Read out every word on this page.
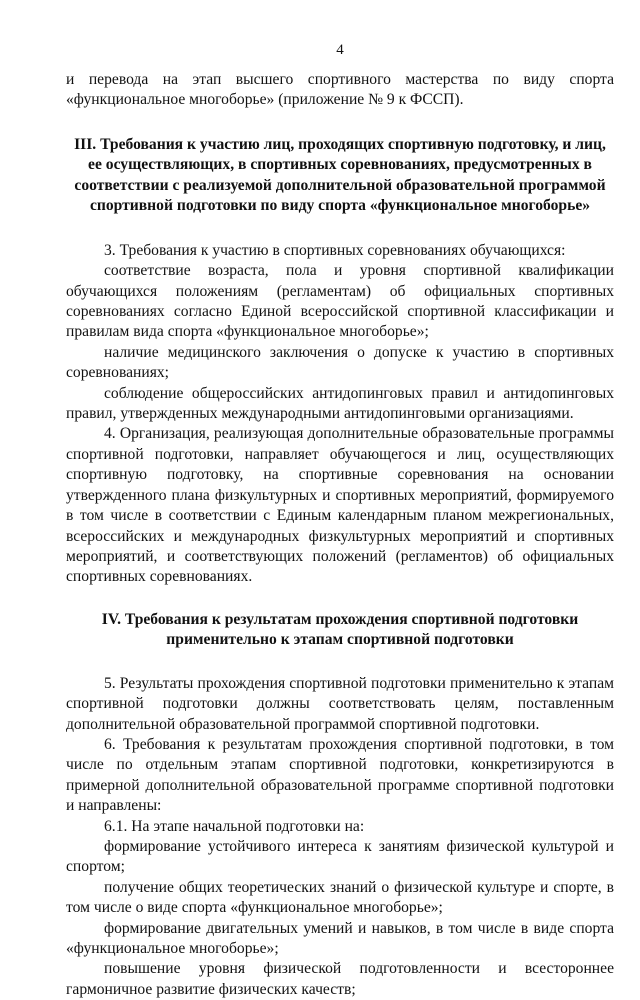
4

и перевода на этап высшего спортивного мастерства по виду спорта «функциональное многоборье» (приложение № 9 к ФССП).

III. Требования к участию лиц, проходящих спортивную подготовку, и лиц, ее осуществляющих, в спортивных соревнованиях, предусмотренных в соответствии с реализуемой дополнительной образовательной программой спортивной подготовки по виду спорта «функциональное многоборье»

3. Требования к участию в спортивных соревнованиях обучающихся:

соответствие возраста, пола и уровня спортивной квалификации обучающихся положениям (регламентам) об официальных спортивных соревнованиях согласно Единой всероссийской спортивной классификации и правилам вида спорта «функциональное многоборье»;

наличие медицинского заключения о допуске к участию в спортивных соревнованиях;

соблюдение общероссийских антидопинговых правил и антидопинговых правил, утвержденных международными антидопинговыми организациями.

4. Организация, реализующая дополнительные образовательные программы спортивной подготовки, направляет обучающегося и лиц, осуществляющих спортивную подготовку, на спортивные соревнования на основании утвержденного плана физкультурных и спортивных мероприятий, формируемого в том числе в соответствии с Единым календарным планом межрегиональных, всероссийских и международных физкультурных мероприятий и спортивных мероприятий, и соответствующих положений (регламентов) об официальных спортивных соревнованиях.

IV. Требования к результатам прохождения спортивной подготовки применительно к этапам спортивной подготовки

5. Результаты прохождения спортивной подготовки применительно к этапам спортивной подготовки должны соответствовать целям, поставленным дополнительной образовательной программой спортивной подготовки.

6. Требования к результатам прохождения спортивной подготовки, в том числе по отдельным этапам спортивной подготовки, конкретизируются в примерной дополнительной образовательной программе спортивной подготовки и направлены:

6.1. На этапе начальной подготовки на:

формирование устойчивого интереса к занятиям физической культурой и спортом;

получение общих теоретических знаний о физической культуре и спорте, в том числе о виде спорта «функциональное многоборье»;

формирование двигательных умений и навыков, в том числе в виде спорта «функциональное многоборье»;

повышение уровня физической подготовленности и всестороннее гармоничное развитие физических качеств;
